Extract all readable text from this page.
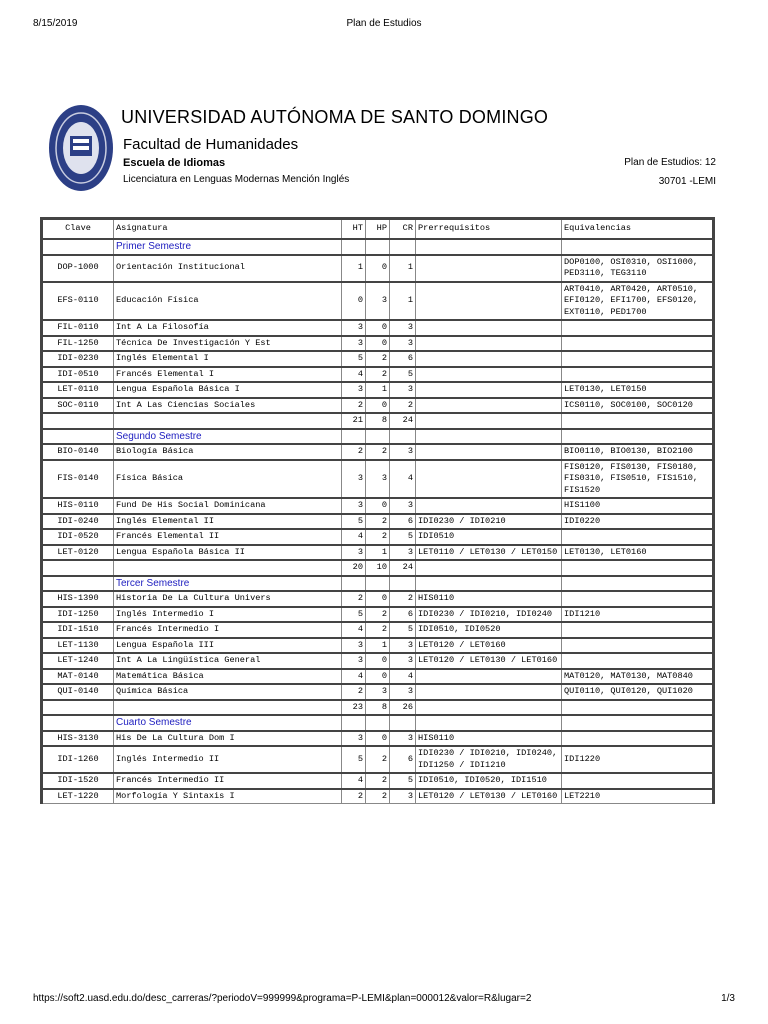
8/15/2019	Plan de Estudios
UNIVERSIDAD AUTÓNOMA DE SANTO DOMINGO
Facultad de Humanidades
Escuela de Idiomas
Licenciatura en Lenguas Modernas Mención Inglés
Plan de Estudios: 12
30701 -LEMI
Clave	Asignatura	HT	HP	CR	Prerrequisitos	Equivalencias
	Primer Semestre					
DOP-1000	Orientación Institucional	1	0	1		DOP0100, OSI0310, OSI1000, PED3110, TEG3110
EFS-0110	Educación Física	0	3	1		ART0410, ART0420, ART0510, EFI0120, EFI1700, EFS0120, EXT0110, PED1700
FIL-0110	Int A La Filosofía	3	0	3		
FIL-1250	Técnica De Investigación Y Est	3	0	3		
IDI-0230	Inglés Elemental I	5	2	6		
IDI-0510	Francés Elemental I	4	2	5		
LET-0110	Lengua Española Básica I	3	1	3		LET0130, LET0150
SOC-0110	Int A Las Ciencias Sociales	2	0	2		ICS0110, SOC0100, SOC0120
		21	8	24		
	Segundo Semestre					
BIO-0140	Biología Básica	2	2	3		BIO0110, BIO0130, BIO2100
FIS-0140	Física Básica	3	3	4		FIS0120, FIS0130, FIS0180, FIS0310, FIS0510, FIS1510, FIS1520
HIS-0110	Fund De His Social Dominicana	3	0	3		HIS1100
IDI-0240	Inglés Elemental II	5	2	6	IDI0230 / IDI0210	IDI0220
IDI-0520	Francés Elemental II	4	2	5	IDI0510	
LET-0120	Lengua Española Básica II	3	1	3	LET0110 / LET0130 / LET0150	LET0130, LET0160
		20	10	24		
	Tercer Semestre					
HIS-1390	Historia De La Cultura Univers	2	0	2	HIS0110	
IDI-1250	Inglés Intermedio I	5	2	6	IDI0230 / IDI0210, IDI0240	IDI1210
IDI-1510	Francés Intermedio I	4	2	5	IDI0510, IDI0520	
LET-1130	Lengua Española III	3	1	3	LET0120 / LET0160	
LET-1240	Int A La Lingüística General	3	0	3	LET0120 / LET0130 / LET0160	
MAT-0140	Matemática Básica	4	0	4		MAT0120, MAT0130, MAT0840
QUI-0140	Química Básica	2	3	3		QUI0110, QUI0120, QUI1020
		23	8	26		
	Cuarto Semestre					
HIS-3130	His De La Cultura Dom I	3	0	3	HIS0110	
IDI-1260	Inglés Intermedio II	5	2	6	IDI0230 / IDI0210, IDI0240, IDI1250 / IDI1210	IDI1220
IDI-1520	Francés Intermedio II	4	2	5	IDI0510, IDI0520, IDI1510	
LET-1220	Morfología Y Sintaxis I	2	2	3	LET0120 / LET0130 / LET0160	LET2210
https://soft2.uasd.edu.do/desc_carreras/?periodoV=999999&programa=P-LEMI&plan=000012&valor=R&lugar=2	1/3
